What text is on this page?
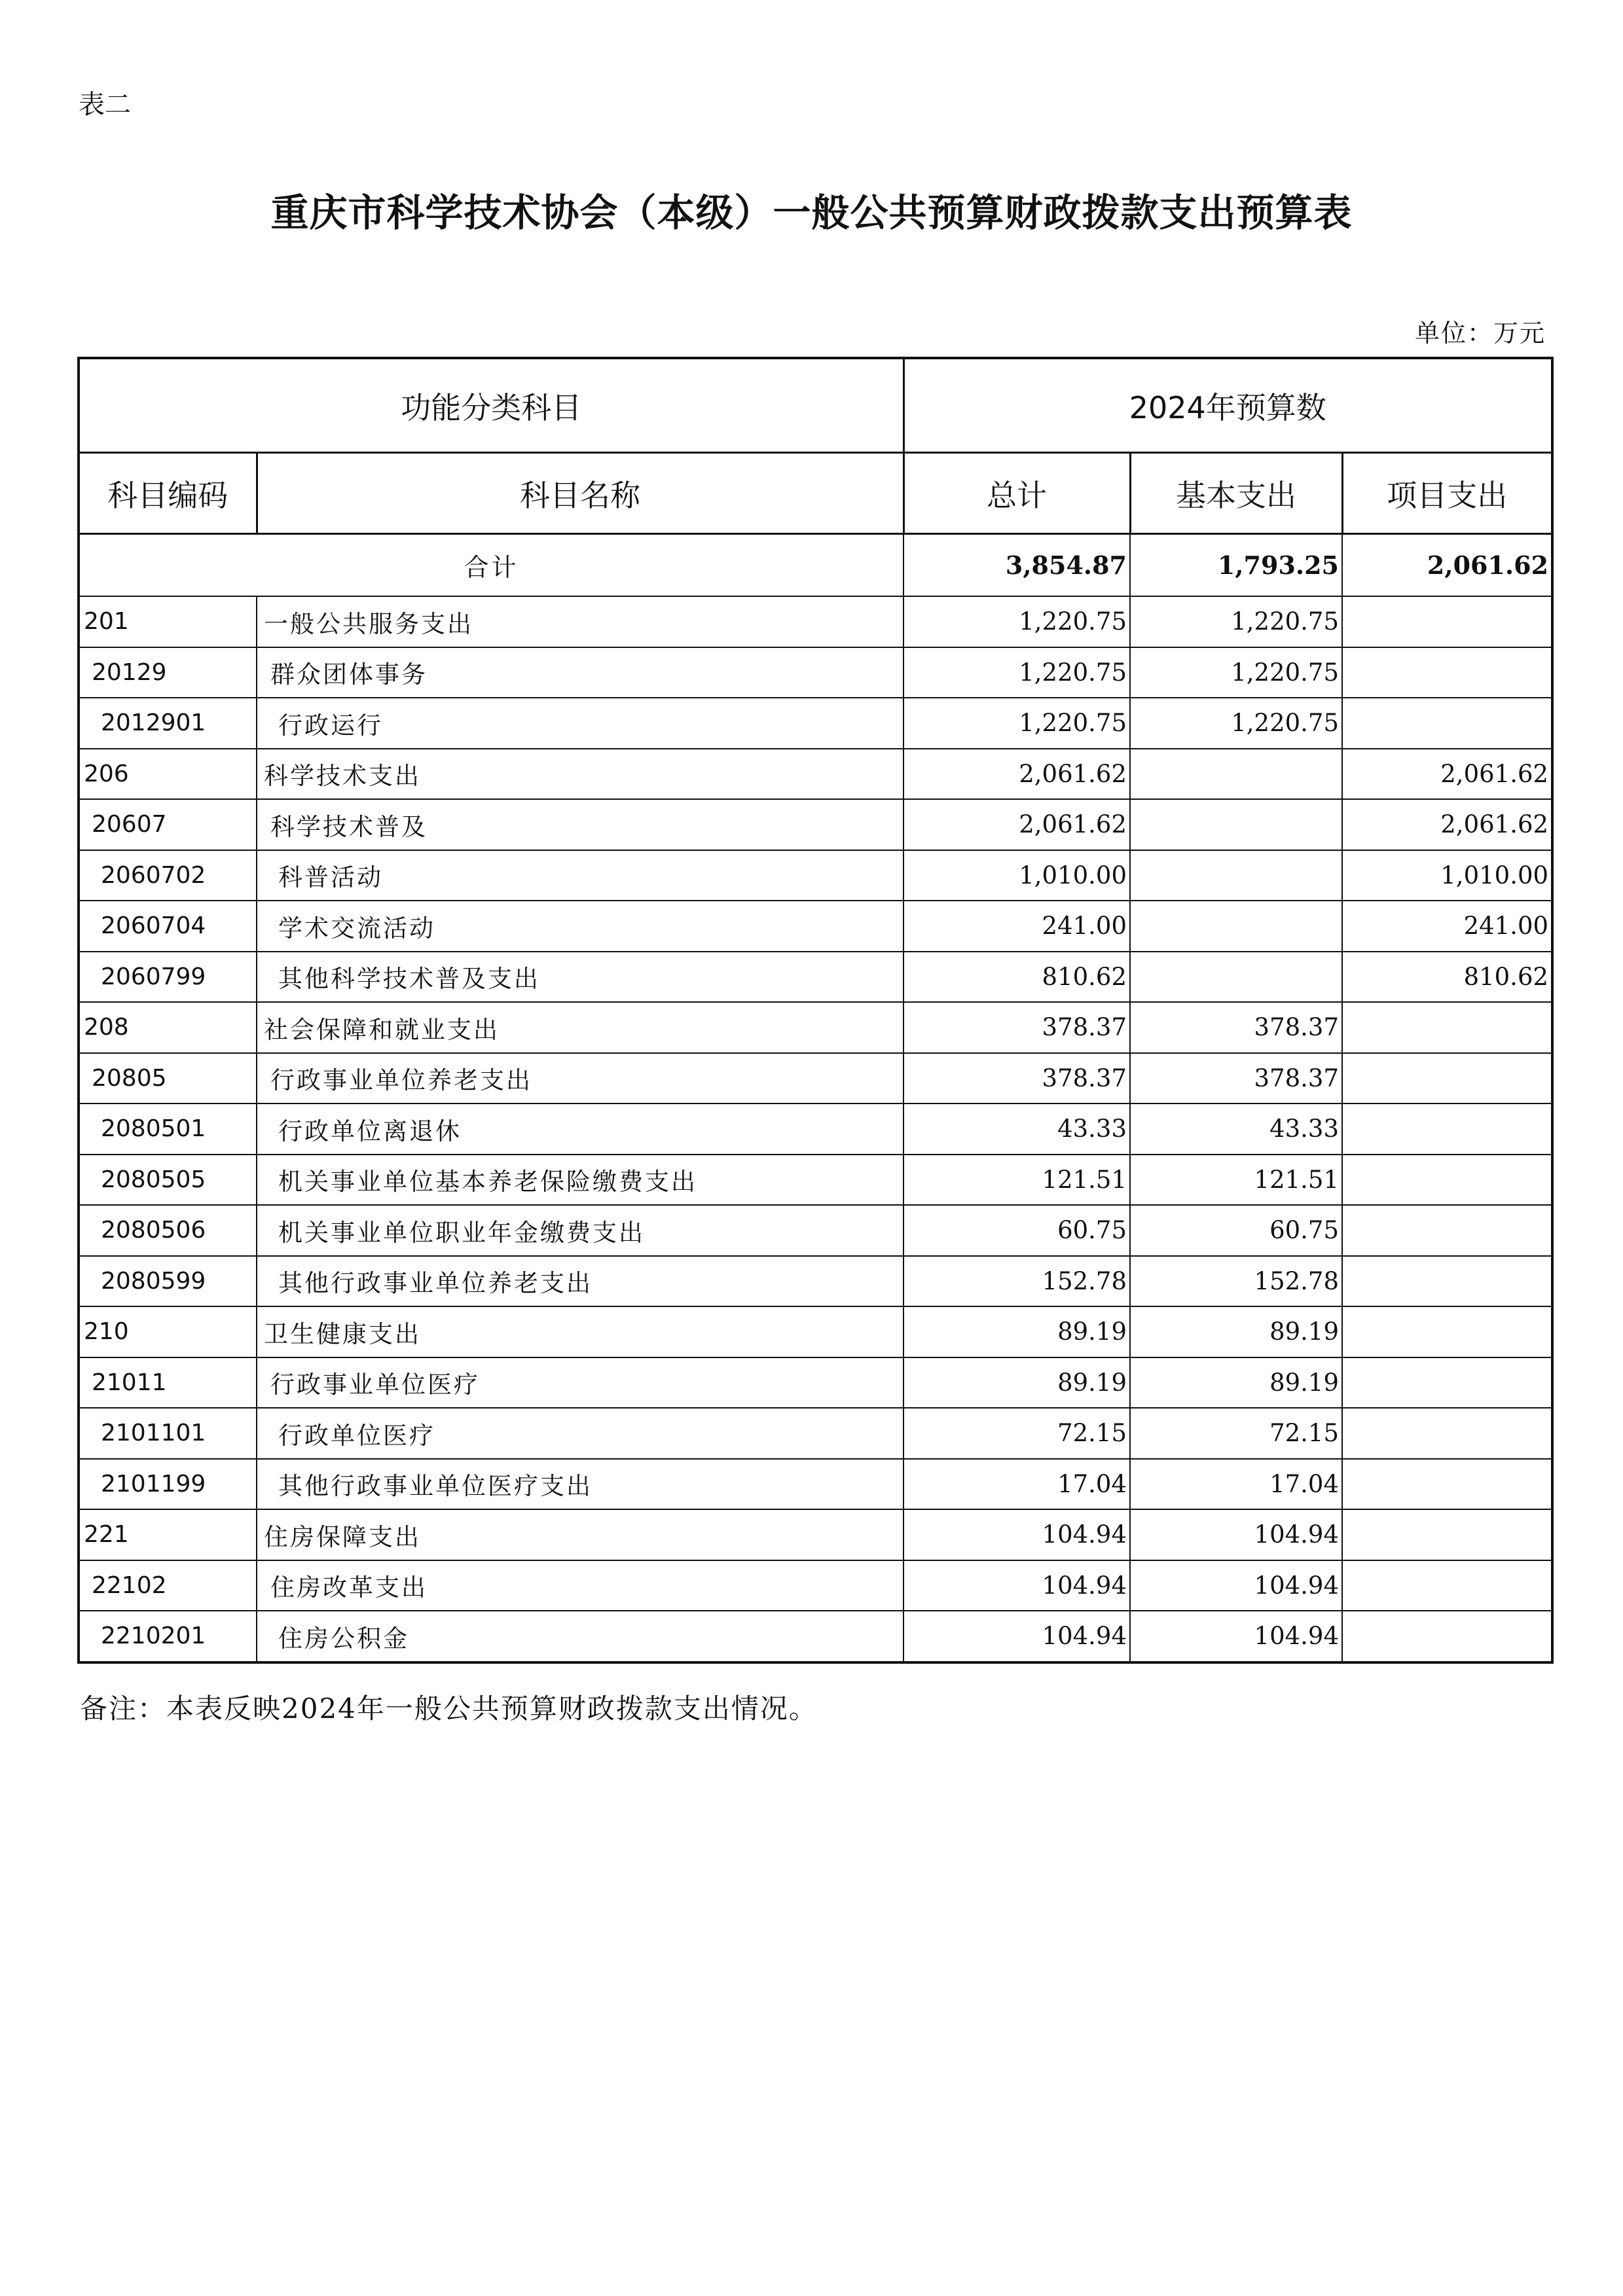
表二
重庆市科学技术协会（本级）一般公共预算财政拨款支出预算表
单位：万元
功能分类科目		2024年预算数		
科目编码	科目名称	总计	基本支出	项目支出
合计		3,854.87	1,793.25	2,061.62
201	一般公共服务支出	1,220.75	1,220.75	
20129	群众团体事务	1,220.75	1,220.75	
2012901	行政运行	1,220.75	1,220.75	
206	科学技术支出	2,061.62		2,061.62
20607	科学技术普及	2,061.62		2,061.62
2060702	科普活动	1,010.00		1,010.00
2060704	学术交流活动	241.00		241.00
2060799	其他科学技术普及支出	810.62		810.62
208	社会保障和就业支出	378.37	378.37	
20805	行政事业单位养老支出	378.37	378.37	
2080501	行政单位离退休	43.33	43.33	
2080505	机关事业单位基本养老保险缴费支出	121.51	121.51	
2080506	机关事业单位职业年金缴费支出	60.75	60.75	
2080599	其他行政事业单位养老支出	152.78	152.78	
210	卫生健康支出	89.19	89.19	
21011	行政事业单位医疗	89.19	89.19	
2101101	行政单位医疗	72.15	72.15	
2101199	其他行政事业单位医疗支出	17.04	17.04	
221	住房保障支出	104.94	104.94	
22102	住房改革支出	104.94	104.94	
2210201	住房公积金	104.94	104.94	
备注：本表反映2024年一般公共预算财政拨款支出情况。
